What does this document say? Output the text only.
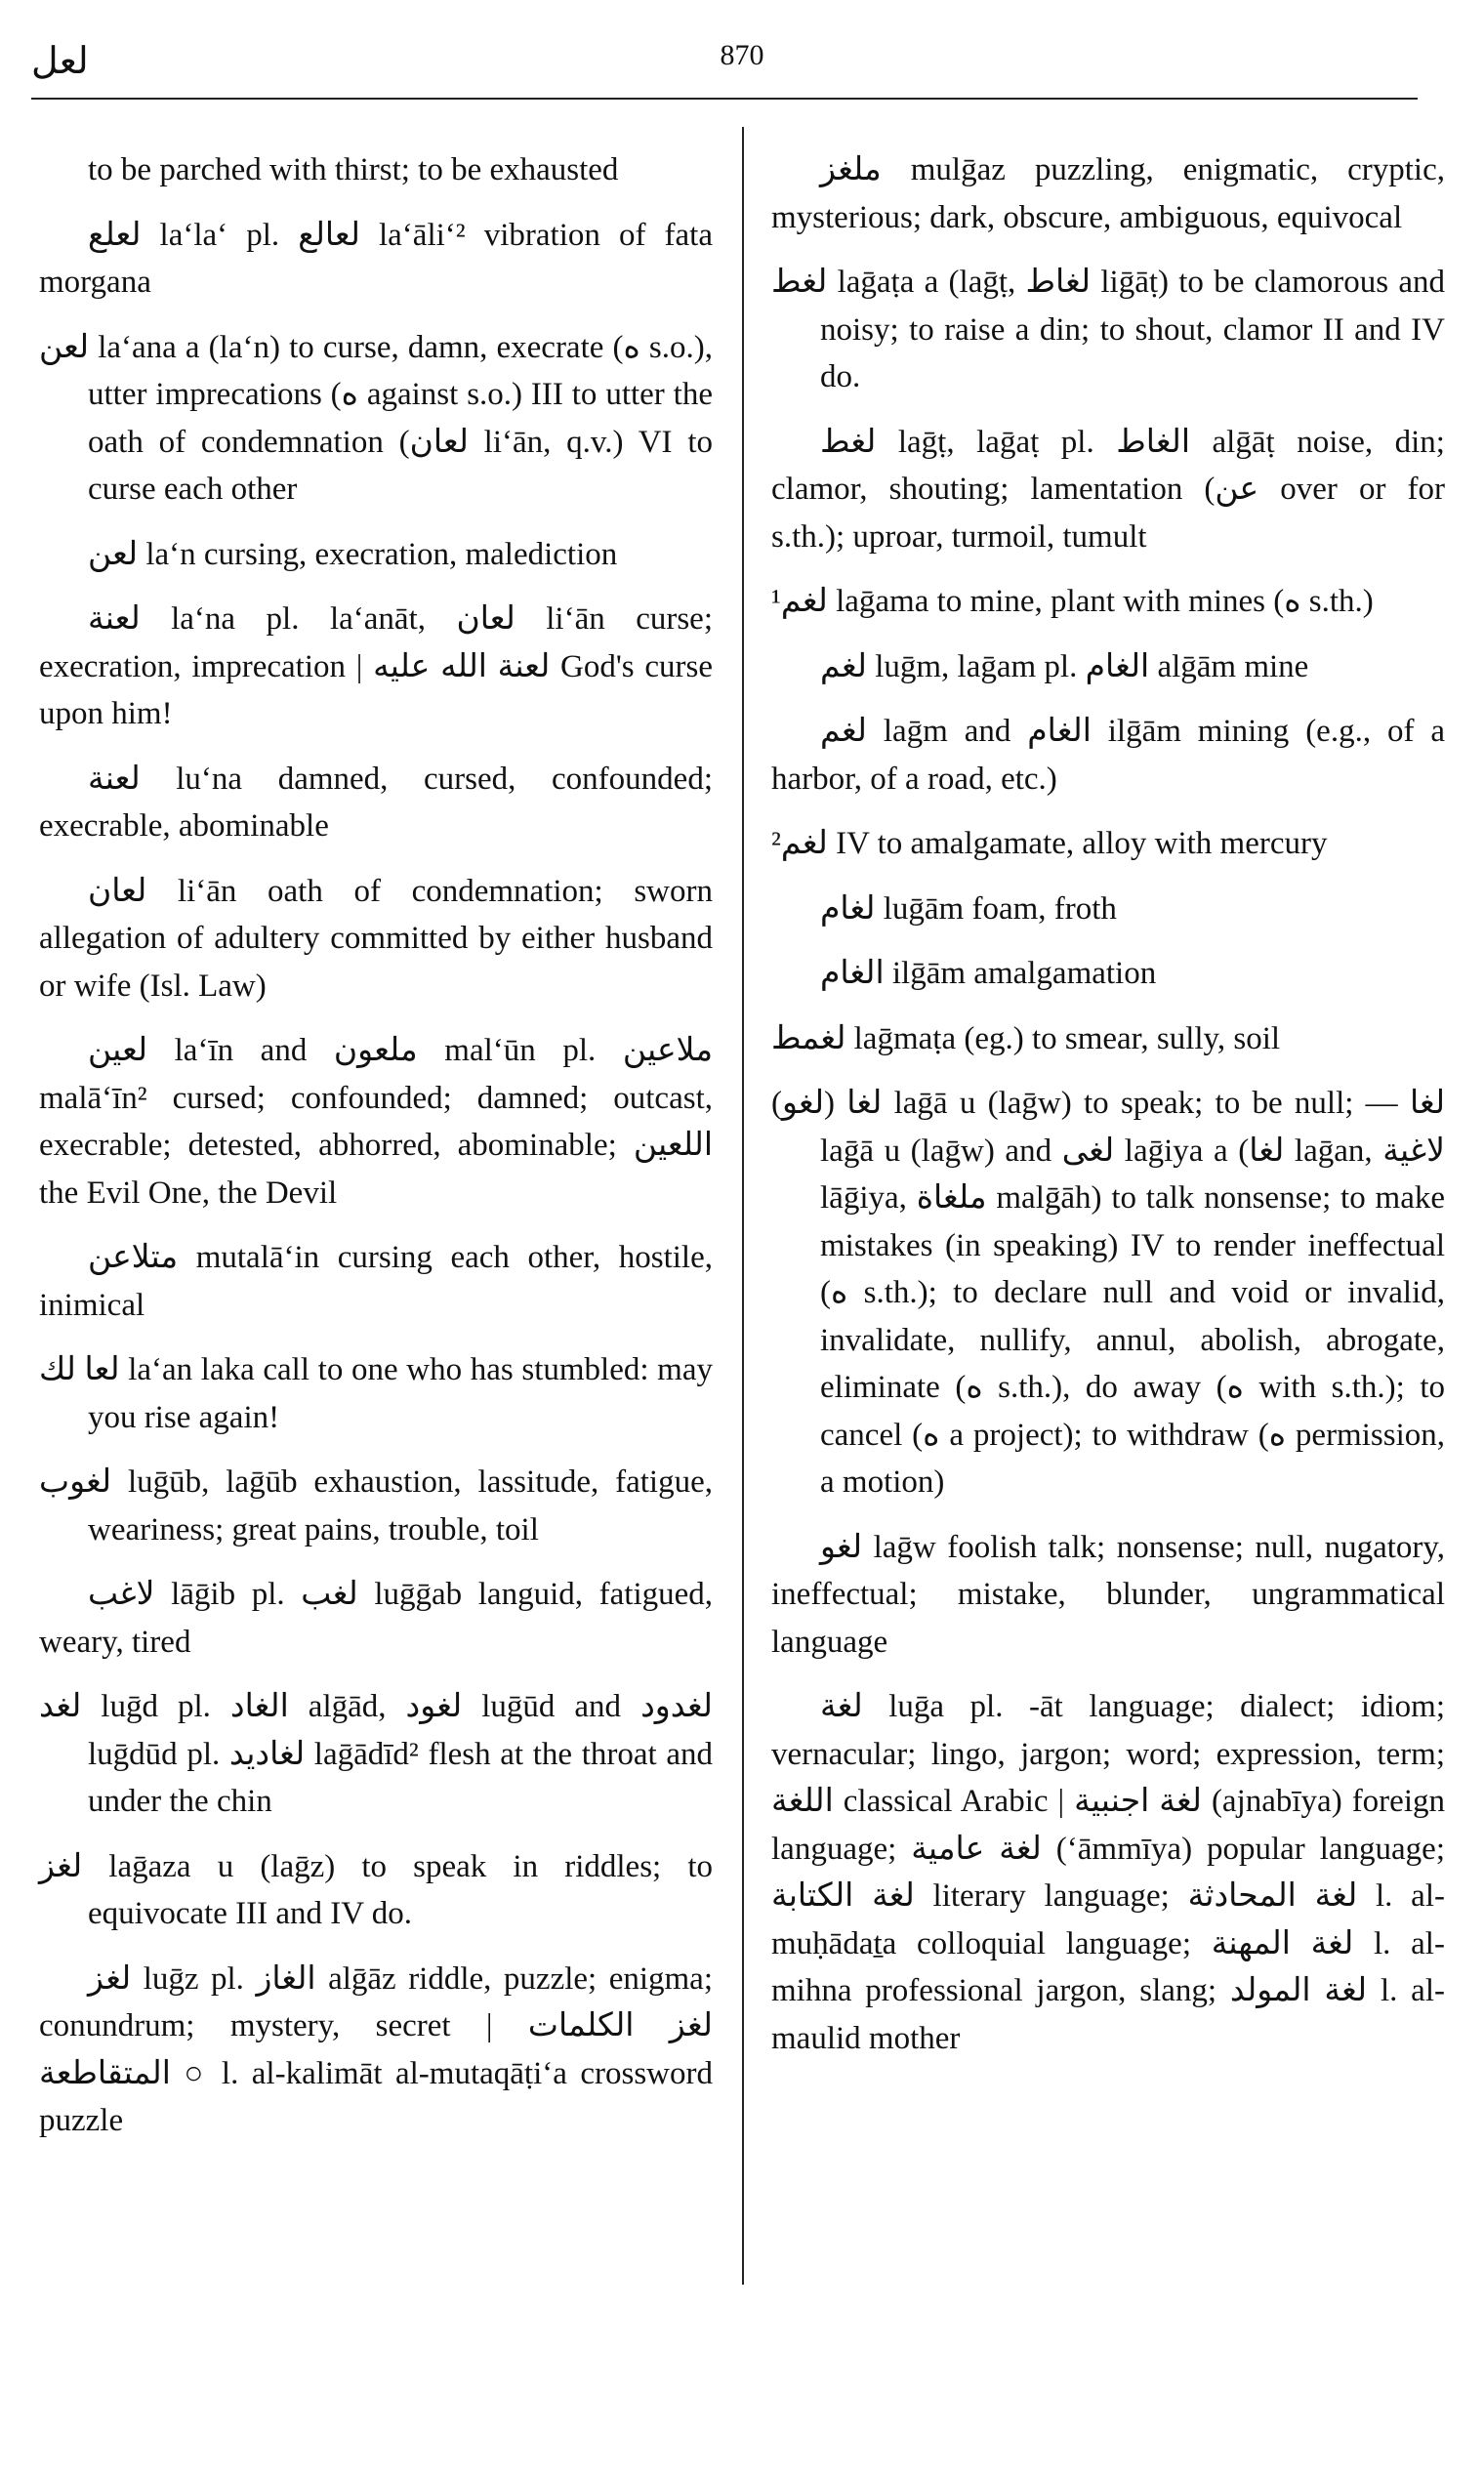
لعل	870

to be parched with thirst; to be exhausted

لعلع la‘la‘ pl. لعالع la‘āli‘² vibration of fata morgana

لعن la‘ana a (la‘n) to curse, damn, execrate (ه s.o.), utter imprecations (ه against s.o.) III to utter the oath of condemnation (لعان li‘ān, q.v.) VI to curse each other

لعن la‘n cursing, execration, malediction

لعنة la‘na pl. la‘anāt, لعان li‘ān curse; execration, imprecation | لعنة الله عليه God's curse upon him!

لعنة lu‘na damned, cursed, confounded; execrable, abominable

لعان li‘ān oath of condemnation; sworn allegation of adultery committed by either husband or wife (Isl. Law)

لعين la‘īn and ملعون mal‘ūn pl. ملاعين malā‘īn² cursed; confounded; damned; outcast, execrable; detested, abhorred, abominable; اللعين the Evil One, the Devil

متلاعن mutalā‘in cursing each other, hostile, inimical

لعا لك la‘an laka call to one who has stumbled: may you rise again!

لغوب luḡūb, laḡūb exhaustion, lassitude, fatigue, weariness; great pains, trouble, toil

لاغب lāḡib pl. لغب luḡḡab languid, fatigued, weary, tired

لغد luḡd pl. الغاد alḡād, لغود luḡūd and لغدود luḡdūd pl. لغاديد laḡādīd² flesh at the throat and under the chin

لغز laḡaza u (laḡz) to speak in riddles; to equivocate III and IV do.

لغز luḡz pl. الغاز alḡāz riddle, puzzle; enigma; conundrum; mystery, secret | لغز الكلمات المتقاطعة ○ l. al-kalimāt al-mutaqāṭi‘a crossword puzzle

ملغز mulḡaz puzzling, enigmatic, cryptic, mysterious; dark, obscure, ambiguous, equivocal

لغط laḡaṭa a (laḡṭ, لغاط liḡāṭ) to be clamorous and noisy; to raise a din; to shout, clamor II and IV do.

لغط laḡṭ, laḡaṭ pl. الغاط alḡāṭ noise, din; clamor, shouting; lamentation (عن over or for s.th.); uproar, turmoil, tumult

¹لغم laḡama to mine, plant with mines (ه s.th.)

لغم luḡm, laḡam pl. الغام alḡām mine

لغم laḡm and الغام ilḡām mining (e.g., of a harbor, of a road, etc.)

²لغم IV to amalgamate, alloy with mercury

لغام luḡām foam, froth

الغام ilḡām amalgamation

لغمط laḡmaṭa (eg.) to smear, sully, soil

لغا (لغو) laḡā u (laḡw) to speak; to be null; — لغا laḡā u (laḡw) and لغى laḡiya a (لغا laḡan, لاغية lāḡiya, ملغاة malḡāh) to talk nonsense; to make mistakes (in speaking) IV to render ineffectual (ه s.th.); to declare null and void or invalid, invalidate, nullify, annul, abolish, abrogate, eliminate (ه s.th.), do away (ه with s.th.); to cancel (ه a project); to withdraw (ه permission, a motion)

لغو laḡw foolish talk; nonsense; null, nugatory, ineffectual; mistake, blunder, ungrammatical language

لغة luḡa pl. -āt language; dialect; idiom; vernacular; lingo, jargon; word; expression, term; اللغة classical Arabic | لغة اجنبية (ajnabīya) foreign language; لغة عامية (‘āmmīya) popular language; لغة الكتابة literary language; لغة المحادثة l. al-muḥādaṯa colloquial language; لغة المهنة l. al-mihna professional jargon, slang; لغة المولد l. al-maulid mother
